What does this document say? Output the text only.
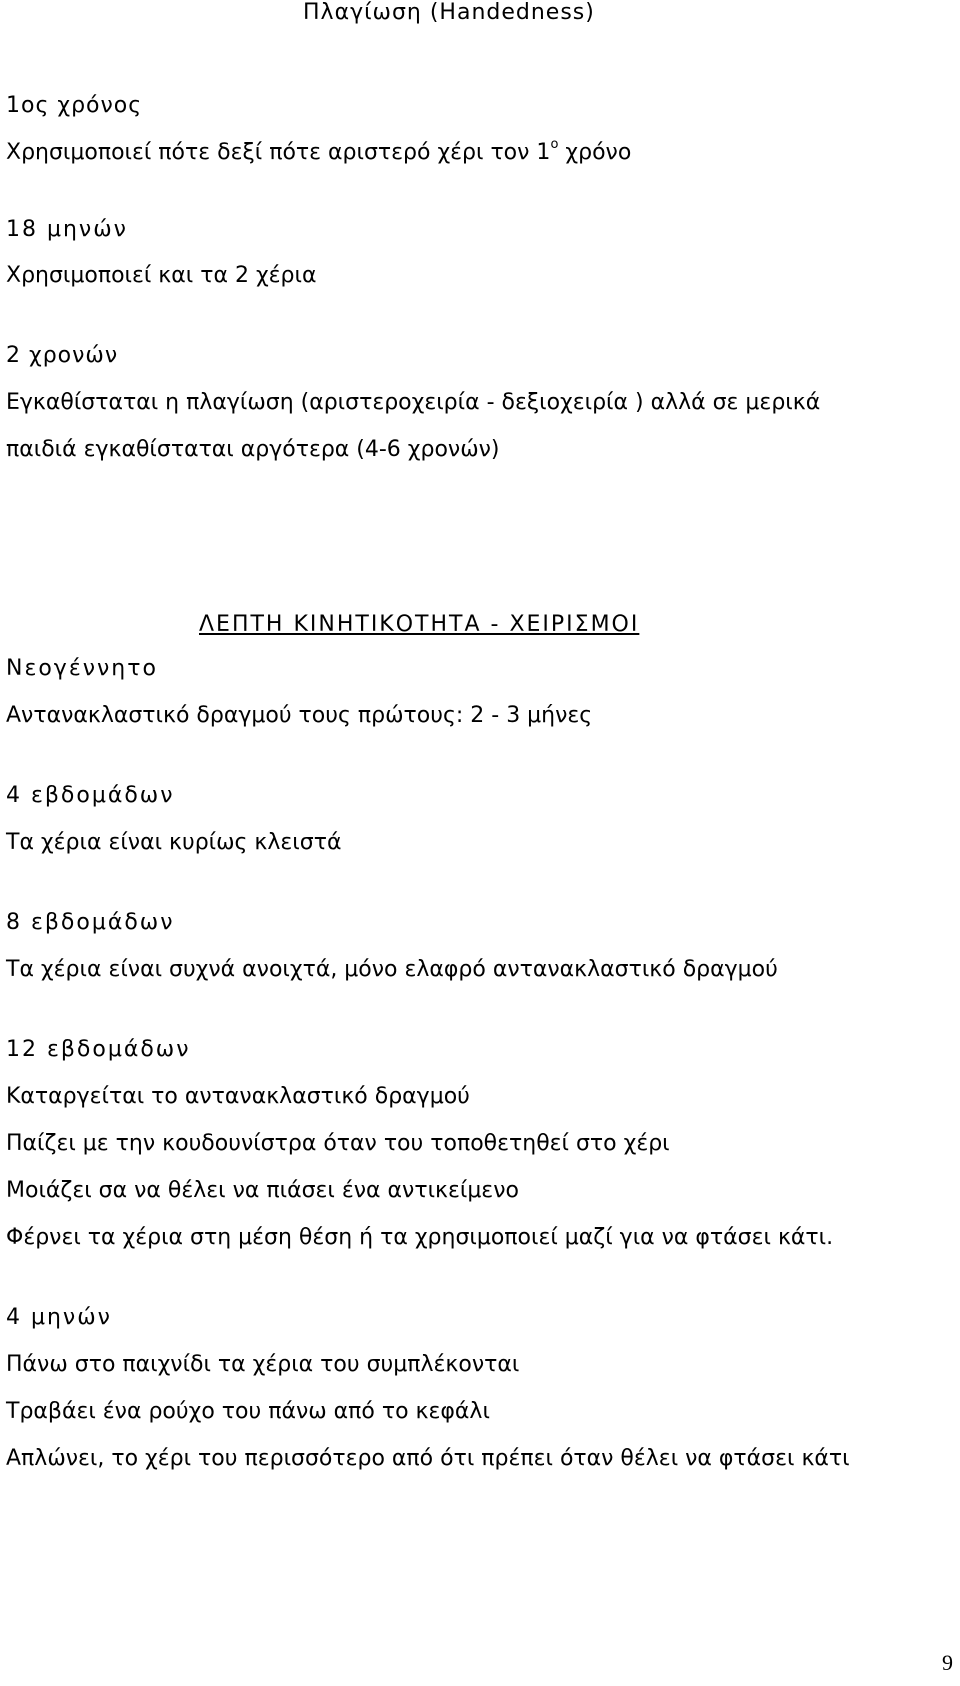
Πλαγίωση (Handedness)
1ος χρόνος
Χρησιμοποιεί πότε δεξί πότε αριστερό χέρι τον $1^o$ χρόνο
18 μηνών
Χρησιμοποιεί και τα 2 χέρια
2 χρονών
Εγκαθίσταται η πλαγίωση (αριστεροχειρία - δεξιοχειρία ) αλλά σε μερικά
παιδιά εγκαθίσταται αργότερα (4-6 χρονών)
ΛΕΠΤΗ ΚΙΝΗΤΙΚΟΤΗΤΑ - ΧΕΙΡΙΣΜΟΙ
Νεογέννητο
Αντανακλαστικό δραγμού τους πρώτους: 2 - 3 μήνες
4 εβδομάδων
Τα χέρια είναι κυρίως κλειστά
8 εβδομάδων
Τα χέρια είναι συχνά ανοιχτά, μόνο ελαφρό αντανακλαστικό δραγμού
12 εβδομάδων
Καταργείται το αντανακλαστικό δραγμού
Παίζει με την κουδουνίστρα όταν του τοποθετηθεί στο χέρι
Μοιάζει σα να θέλει να πιάσει ένα αντικείμενο
Φέρνει τα χέρια στη μέση θέση ή τα χρησιμοποιεί μαζί για να φτάσει κάτι.
4 μηνών
Πάνω στο παιχνίδι τα χέρια του συμπλέκονται
Τραβάει ένα ρούχο του πάνω από το κεφάλι
Απλώνει, το χέρι του περισσότερο από ότι πρέπει όταν θέλει να φτάσει κάτι
9
